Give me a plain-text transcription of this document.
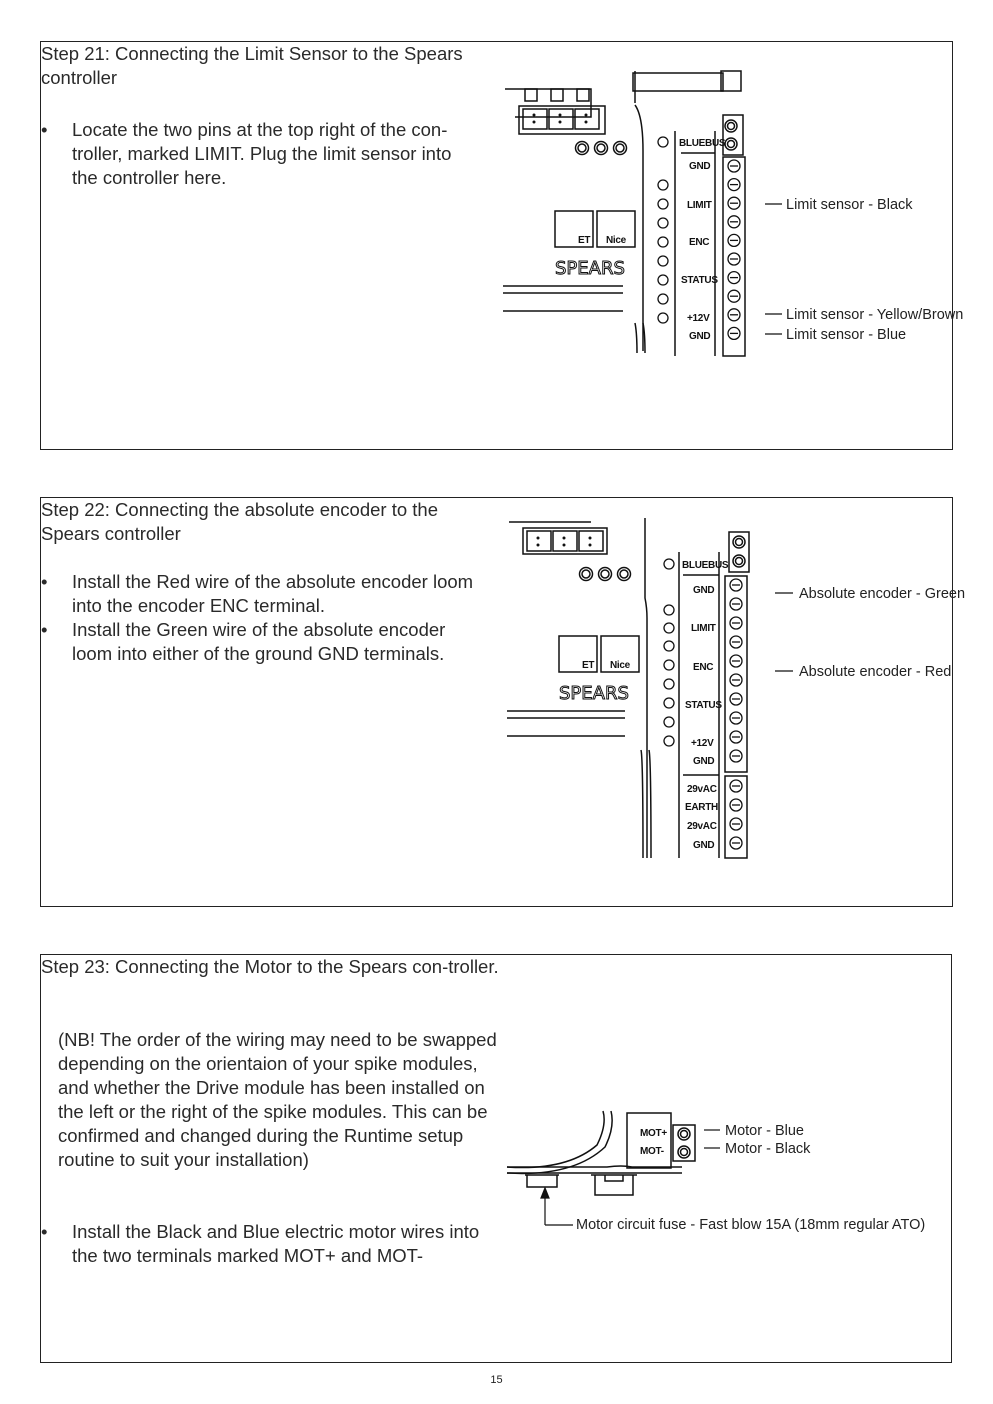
Step 21: Connecting the Limit Sensor to the Spears controller
• Locate the two pins at the top right of the con-troller, marked LIMIT. Plug the limit sensor into the controller here.
ET Nice
SPEARS
BLUEBUS
GND
LIMIT
ENC
STATUS
+12V
GND
Limit sensor - Black
Limit sensor - Yellow/Brown
Limit sensor - Blue
Step 22: Connecting the absolute encoder to the Spears controller
• Install the Red wire of the absolute encoder loom into the encoder ENC terminal.
• Install the Green wire of the absolute encoder loom into either of the ground GND terminals.
ET Nice
SPEARS
BLUEBUS
GND
LIMIT
ENC
STATUS
+12V
GND
29vAC
EARTH
29vAC
GND
Absolute encoder - Green
Absolute encoder - Red
Step 23: Connecting the Motor to the Spears con-troller.
(NB! The order of the wiring may need to be swapped depending on the orientaion of your spike modules, and whether the Drive module has been installed on the left or the right of the spike modules. This can be confirmed and changed during the Runtime setup routine to suit your installation)
• Install the Black and Blue electric motor wires into the two terminals marked MOT+ and MOT-
MOT+
MOT-
Motor - Blue
Motor - Black
Motor circuit fuse - Fast blow 15A (18mm regular ATO)
15
